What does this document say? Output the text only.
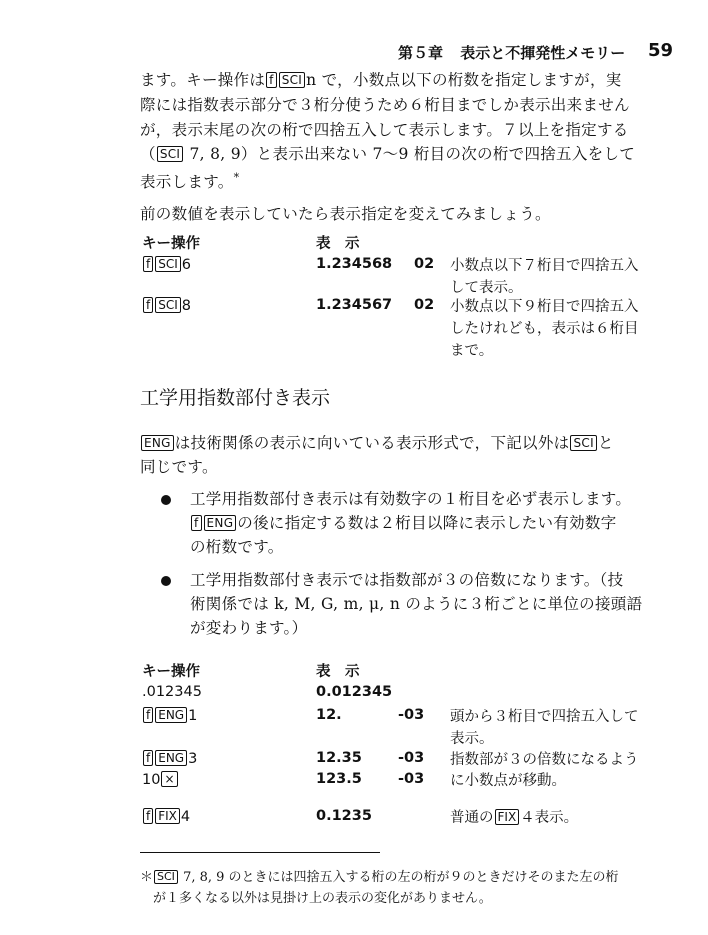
第５章 表示と不揮発性メモリー 59
ます。キー操作は f SCI n で，小数点以下の桁数を指定しますが，実
際には指数表示部分で３桁分使うため６桁目までしか表示出来ません
が，表示末尾の次の桁で四捨五入して表示します。７以上を指定する
（ SCI 7, 8, 9）と表示出来ない 7～9 桁目の次の桁で四捨五入をして
表示します。*
前の数値を表示していたら表示指定を変えてみましょう。
キー操作	表　示
f SCI 6	1.234568 02 小数点以下７桁目で四捨五入
して表示。
f SCI 8	1.234567 02 小数点以下９桁目で四捨五入
したけれども，表示は６桁目
まで。
工学用指数部付き表示
ENG は技術関係の表示に向いている表示形式で，下記以外は SCI と
同じです。
工学用指数部付き表示は有効数字の１桁目を必ず表示します。
f ENG の後に指定する数は２桁目以降に表示したい有効数字
の桁数です。
工学用指数部付き表示では指数部が３の倍数になります。（技
術関係では k, M, G, m, μ, n のように３桁ごとに単位の接頭語
が変わります。）
キー操作	表　示
.012345	0.012345
f ENG 1	12.	-03 頭から３桁目で四捨五入して
表示。
f ENG 3	12.35 -03 指数部が３の倍数になるよう
10 ×	123.5 -03 に小数点が移動。
f FIX 4	0.1235	普通の FIX ４表示。
＊ SCI 7, 8, 9 のときには四捨五入する桁の左の桁が９のときだけそのまた左の桁
が１多くなる以外は見掛け上の表示の変化がありません。
